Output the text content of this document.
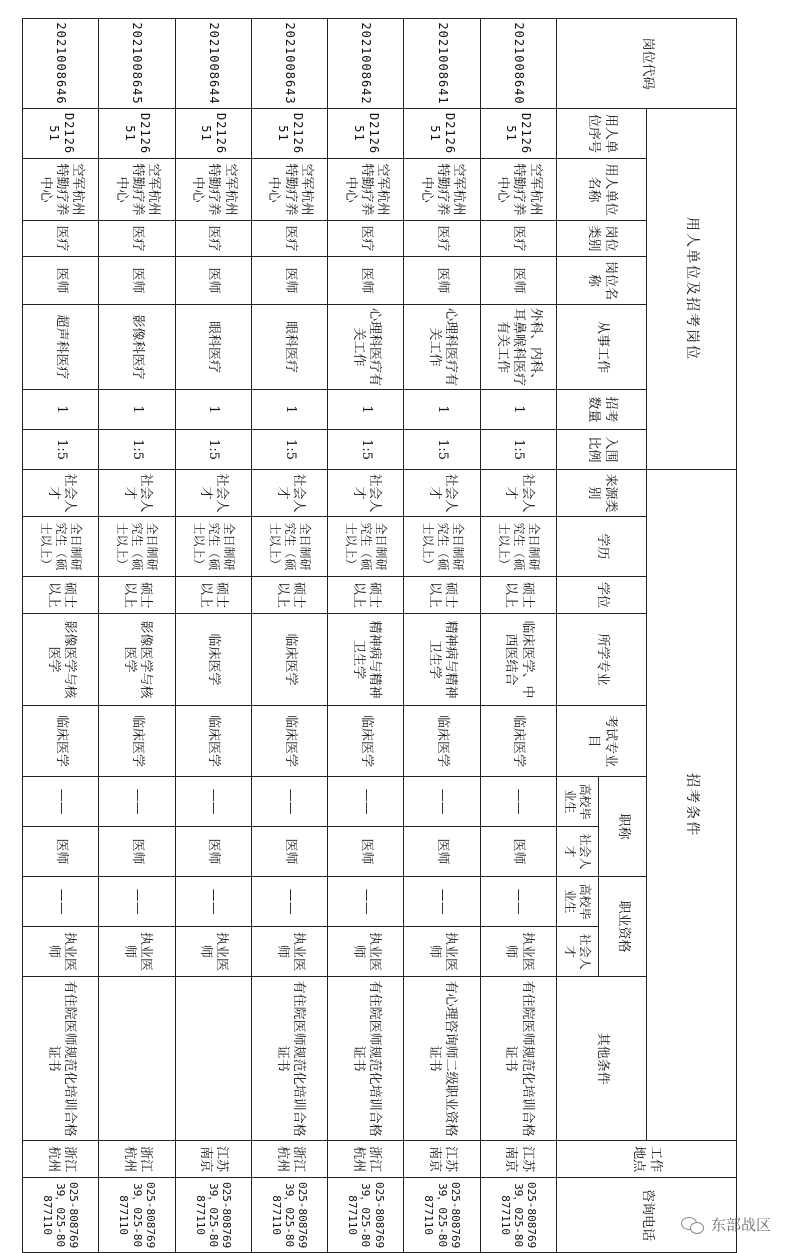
岗位代码	用人单位及招考岗位							招考条件										工作地点	咨询电话
	用人单位序号	用人单位名称	岗位类别	岗位名称	从事工作	招考数量	入围比例	来源类别	学历	学位	所学专业	考试专业目	职称		职业资格		其他条件		
													高校毕业生	社会人才	高校毕业生	社会人才			
2021008640	D212651	空军杭州特勤疗养中心	医疗	医师	外科、内科、耳鼻喉科医疗有关工作	1	1:5	社会人才	全日制研究生（硕士以上）	硕士以上	临床医学、中西医结合	临床医学	——	医师	——	执业医师	有住院医师规范化培训合格证书	江苏南京	025-80876939，025-80877110
2021008641	D212651	空军杭州特勤疗养中心	医疗	医师	心理科医疗有关工作	1	1:5	社会人才	全日制研究生（硕士以上）	硕士以上	精神病与精神卫生学	临床医学	——	医师	——	执业医师	有心理咨询师二级职业资格证书	江苏南京	025-80876939，025-80877110
2021008642	D212651	空军杭州特勤疗养中心	医疗	医师	心理科医疗有关工作	1	1:5	社会人才	全日制研究生（硕士以上）	硕士以上	精神病与精神卫生学	临床医学	——	医师	——	执业医师	有住院医师规范化培训合格证书	浙江杭州	025-80876939，025-80877110
2021008643	D212651	空军杭州特勤疗养中心	医疗	医师	眼科医疗	1	1:5	社会人才	全日制研究生（硕士以上）	硕士以上	临床医学	临床医学	——	医师	——	执业医师	有住院医师规范化培训合格证书	浙江杭州	025-80876939，025-80877110
2021008644	D212651	空军杭州特勤疗养中心	医疗	医师	眼科医疗	1	1:5	社会人才	全日制研究生（硕士以上）	硕士以上	临床医学	临床医学	——	医师	——	执业医师		江苏南京	025-80876939，025-80877110
2021008645	D212651	空军杭州特勤疗养中心	医疗	医师	影像科医疗	1	1:5	社会人才	全日制研究生（硕士以上）	硕士以上	影像医学与核医学	临床医学	——	医师	——	执业医师		浙江杭州	025-80876939，025-80877110
2021008646	D212651	空军杭州特勤疗养中心	医疗	医师	超声科医疗	1	1:5	社会人才	全日制研究生（硕士以上）	硕士以上	影像医学与核医学	临床医学	——	医师	——	执业医师	有住院医师规范化培训合格证书	浙江杭州	025-80876939，025-80877110	东部战区
